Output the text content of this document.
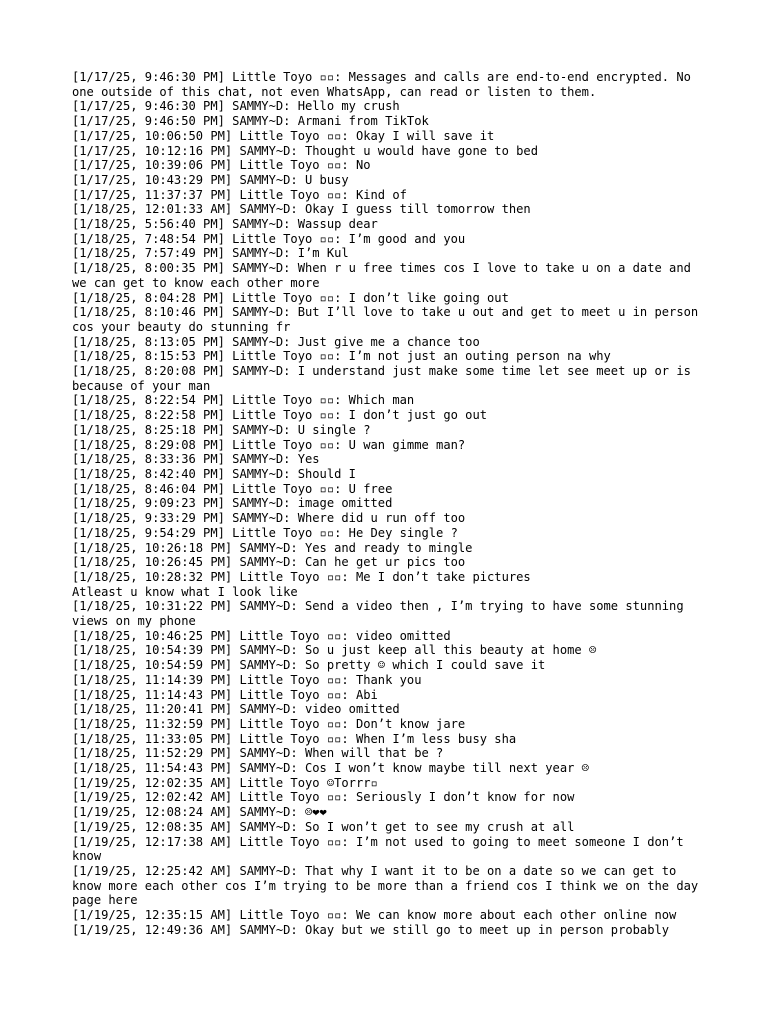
[1/17/25, 9:46:30 PM] Little Toyo ▫▫: Messages and calls are end-to-end encrypted. No one outside of this chat, not even WhatsApp, can read or listen to them.

[1/17/25, 9:46:30 PM] SAMMY~D: Hello my crush

[1/17/25, 9:46:50 PM] SAMMY~D: Armani from TikTok

[1/17/25, 10:06:50 PM] Little Toyo ▫▫: Okay I will save it

[1/17/25, 10:12:16 PM] SAMMY~D: Thought u would have gone to bed

[1/17/25, 10:39:06 PM] Little Toyo ▫▫: No

[1/17/25, 10:43:29 PM] SAMMY~D: U busy

[1/17/25, 11:37:37 PM] Little Toyo ▫▫: Kind of

[1/18/25, 12:01:33 AM] SAMMY~D: Okay I guess till tomorrow then

[1/18/25, 5:56:40 PM] SAMMY~D: Wassup dear

[1/18/25, 7:48:54 PM] Little Toyo ▫▫: I’m good and you

[1/18/25, 7:57:49 PM] SAMMY~D: I’m Kul

[1/18/25, 8:00:35 PM] SAMMY~D: When r u free times cos I love to take u on a date and we can get to know each other more

[1/18/25, 8:04:28 PM] Little Toyo ▫▫: I don’t like going out

[1/18/25, 8:10:46 PM] SAMMY~D: But I’ll love to take u out and get to meet u in person cos your beauty do stunning fr

[1/18/25, 8:13:05 PM] SAMMY~D: Just give me a chance too

[1/18/25, 8:15:53 PM] Little Toyo ▫▫: I’m not just an outing person na why

[1/18/25, 8:20:08 PM] SAMMY~D: I understand just make some time let see meet up or is because of your man

[1/18/25, 8:22:54 PM] Little Toyo ▫▫: Which man

[1/18/25, 8:22:58 PM] Little Toyo ▫▫: I don’t just go out

[1/18/25, 8:25:18 PM] SAMMY~D: U single ?

[1/18/25, 8:29:08 PM] Little Toyo ▫▫: U wan gimme man?

[1/18/25, 8:33:36 PM] SAMMY~D: Yes

[1/18/25, 8:42:40 PM] SAMMY~D: Should I

[1/18/25, 8:46:04 PM] Little Toyo ▫▫: U free

[1/18/25, 9:09:23 PM] SAMMY~D: image omitted

[1/18/25, 9:33:29 PM] SAMMY~D: Where did u run off too

[1/18/25, 9:54:29 PM] Little Toyo ▫▫: He Dey single ?

[1/18/25, 10:26:18 PM] SAMMY~D: Yes and ready to mingle

[1/18/25, 10:26:45 PM] SAMMY~D: Can he get ur pics too

[1/18/25, 10:28:32 PM] Little Toyo ▫▫: Me I don’t take pictures
Atleast u know what I look like

[1/18/25, 10:31:22 PM] SAMMY~D: Send a video then , I’m trying to have some stunning views on my phone

[1/18/25, 10:46:25 PM] Little Toyo ▫▫: video omitted

[1/18/25, 10:54:39 PM] SAMMY~D: So u just keep all this beauty at home ☹

[1/18/25, 10:54:59 PM] SAMMY~D: So pretty ☺ which I could save it

[1/18/25, 11:14:39 PM] Little Toyo ▫▫: Thank you

[1/18/25, 11:14:43 PM] Little Toyo ▫▫: Abi

[1/18/25, 11:20:41 PM] SAMMY~D: video omitted

[1/18/25, 11:32:59 PM] Little Toyo ▫▫: Don’t know jare

[1/18/25, 11:33:05 PM] Little Toyo ▫▫: When I’m less busy sha

[1/18/25, 11:52:29 PM] SAMMY~D: When will that be ?

[1/18/25, 11:54:43 PM] SAMMY~D: Cos I won’t know maybe till next year ☹

[1/19/25, 12:02:35 AM] Little Toyo ☺Torrr▫

[1/19/25, 12:02:42 AM] Little Toyo ▫▫: Seriously I don’t know for now

[1/19/25, 12:08:24 AM] SAMMY~D: ☹❤❤

[1/19/25, 12:08:35 AM] SAMMY~D: So I won’t get to see my crush at all

[1/19/25, 12:17:38 AM] Little Toyo ▫▫: I’m not used to going to meet someone I don’t know

[1/19/25, 12:25:42 AM] SAMMY~D: That why I want it to be on a date so we can get to know more each other cos I’m trying to be more than a friend cos I think we on the day page here

[1/19/25, 12:35:15 AM] Little Toyo ▫▫: We can know more about each other online now

[1/19/25, 12:49:36 AM] SAMMY~D: Okay but we still go to meet up in person probably
